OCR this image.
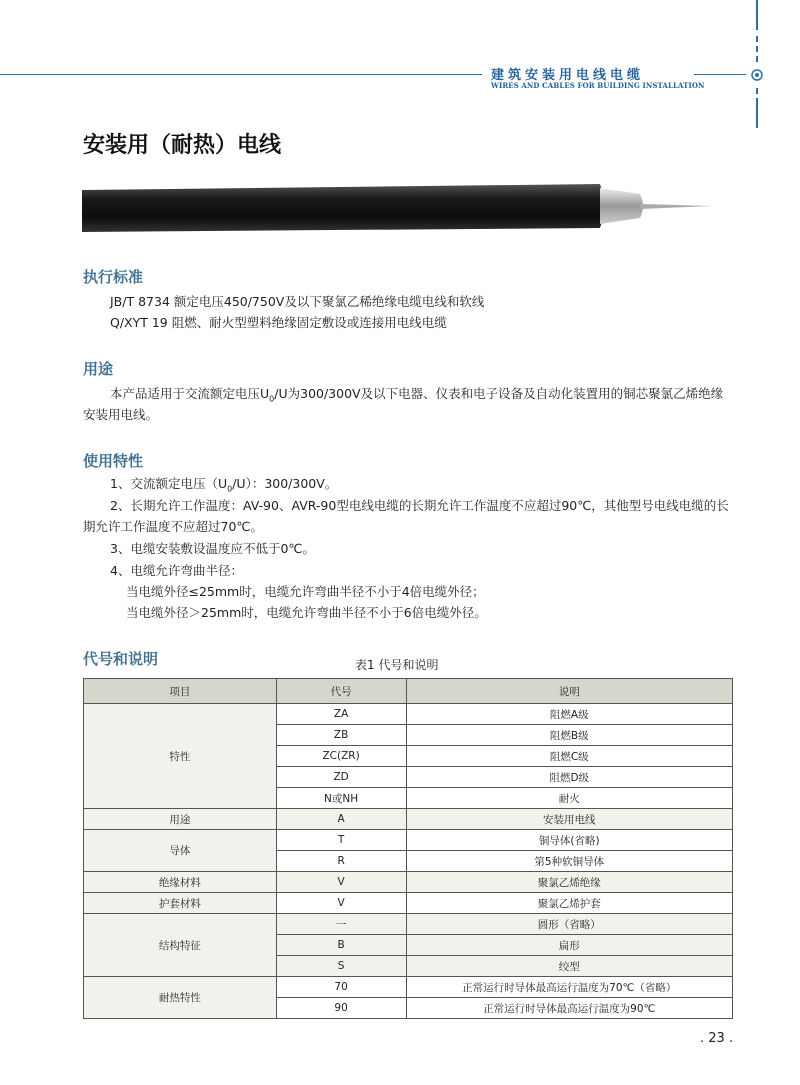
建筑安装用电线电缆
WIRES AND CABLES FOR BUILDING INSTALLATION
安装用（耐热）电线
执行标准
JB/T 8734 额定电压450/750V及以下聚氯乙稀绝缘电缆电线和软线
Q/XYT 19 阻燃、耐火型塑料绝缘固定敷设或连接用电线电缆
用途
本产品适用于交流额定电压$U_0/U$为300/300V及以下电器、仪表和电子设备及自动化装置用的铜芯聚氯乙烯绝缘
安装用电线。
使用特性
1、交流额定电压$(U_0/U)$：300/300V。
2、长期允许工作温度：AV-90、AVR-90型电线电缆的长期允许工作温度不应超过90℃，其他型号电线电缆的长
期允许工作温度不应超过70℃。
3、电缆安装敷设温度应不低于0℃。
4、电缆允许弯曲半径：
当电缆外径≤25mm时，电缆允许弯曲半径不小于4倍电缆外径；
当电缆外径＞25mm时，电缆允许弯曲半径不小于6倍电缆外径。
代号和说明	表1 代号和说明
项目	代号	说明
特性	ZA	阻燃A级
	ZB	阻燃B级
	ZC(ZR)	阻燃C级
	ZD	阻燃D级
	N或NH	耐火
用途	A	安装用电线
导体	T	铜导体(省略)
	R	第5种软铜导体
绝缘材料	V	聚氯乙烯绝缘
护套材料	V	聚氯乙烯护套
结构特征	一	圆形（省略）
	B	扁形
	S	绞型
耐热特性	70	正常运行时导体最高运行温度为70℃（省略）
	90	正常运行时导体最高运行温度为90℃
. 23 .
